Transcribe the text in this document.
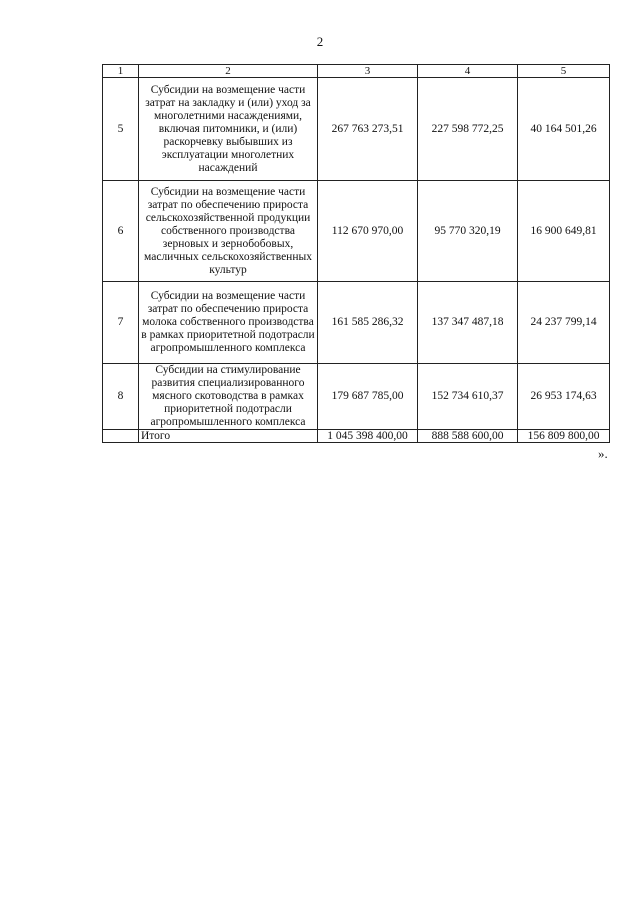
2
1	2	3	4	5
5	Субсидии на возмещение части затрат на закладку и (или) уход за многолетними насаждениями, включая питомники, и (или) раскорчевку выбывших из эксплуатации многолетних насаждений	267 763 273,51	227 598 772,25	40 164 501,26
6	Субсидии на возмещение части затрат по обеспечению прироста сельскохозяйственной продукции собственного производства зерновых и зернобобовых, масличных сельскохозяйственных культур	112 670 970,00	95 770 320,19	16 900 649,81
7	Субсидии на возмещение части затрат по обеспечению прироста молока собственного производства в рамках приоритетной подотрасли агропромышленного комплекса	161 585 286,32	137 347 487,18	24 237 799,14
8	Субсидии на стимулирование развития специализированного мясного скотоводства в рамках приоритетной подотрасли агропромышленного комплекса	179 687 785,00	152 734 610,37	26 953 174,63
	Итого	1 045 398 400,00	888 588 600,00	156 809 800,00
».
